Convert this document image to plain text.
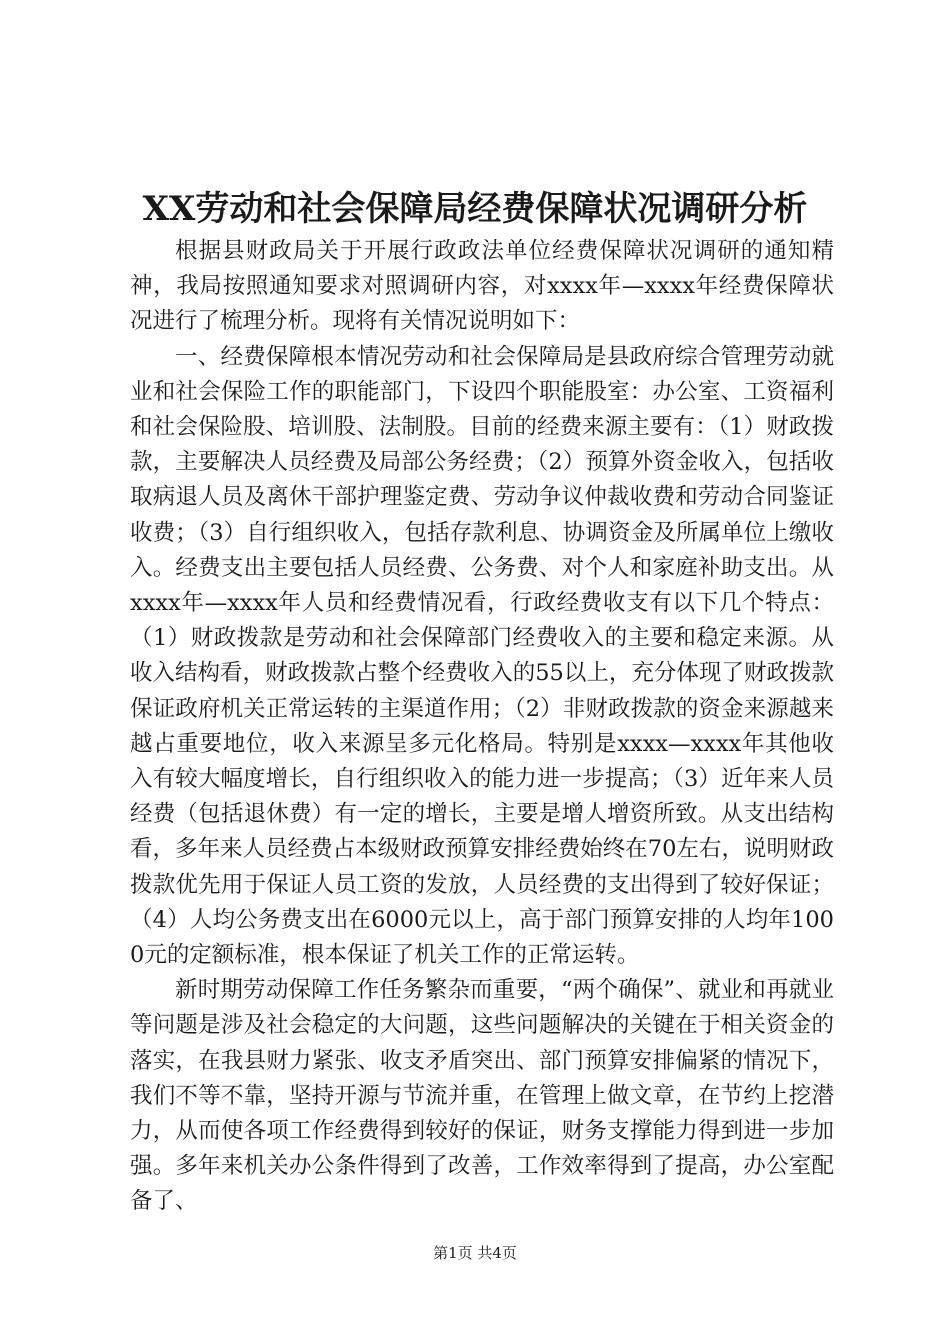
XX劳动和社会保障局经费保障状况调研分析

根据县财政局关于开展行政政法单位经费保障状况调研的通知精神，我局按照通知要求对照调研内容，对xxxx年—xxxx年经费保障状况进行了梳理分析。现将有关情况说明如下：

一、经费保障根本情况劳动和社会保障局是县政府综合管理劳动就业和社会保险工作的职能部门，下设四个职能股室：办公室、工资福利和社会保险股、培训股、法制股。目前的经费来源主要有：（1）财政拨款，主要解决人员经费及局部公务经费；（2）预算外资金收入，包括收取病退人员及离休干部护理鉴定费、劳动争议仲裁收费和劳动合同鉴证收费；（3）自行组织收入，包括存款利息、协调资金及所属单位上缴收入。经费支出主要包括人员经费、公务费、对个人和家庭补助支出。从xxxx年—xxxx年人员和经费情况看，行政经费收支有以下几个特点：（1）财政拨款是劳动和社会保障部门经费收入的主要和稳定来源。从收入结构看，财政拨款占整个经费收入的55以上，充分体现了财政拨款保证政府机关正常运转的主渠道作用；（2）非财政拨款的资金来源越来越占重要地位，收入来源呈多元化格局。特别是xxxx—xxxx年其他收入有较大幅度增长，自行组织收入的能力进一步提高；（3）近年来人员经费（包括退休费）有一定的增长，主要是增人增资所致。从支出结构看，多年来人员经费占本级财政预算安排经费始终在70左右，说明财政拨款优先用于保证人员工资的发放，人员经费的支出得到了较好保证；（4）人均公务费支出在6000元以上，高于部门预算安排的人均年1000元的定额标准，根本保证了机关工作的正常运转。

新时期劳动保障工作任务繁杂而重要，“两个确保”、就业和再就业等问题是涉及社会稳定的大问题，这些问题解决的关键在于相关资金的落实，在我县财力紧张、收支矛盾突出、部门预算安排偏紧的情况下，我们不等不靠，坚持开源与节流并重，在管理上做文章，在节约上挖潜力，从而使各项工作经费得到较好的保证，财务支撑能力得到进一步加强。多年来机关办公条件得到了改善，工作效率得到了提高，办公室配备了、

第1页 共4页
